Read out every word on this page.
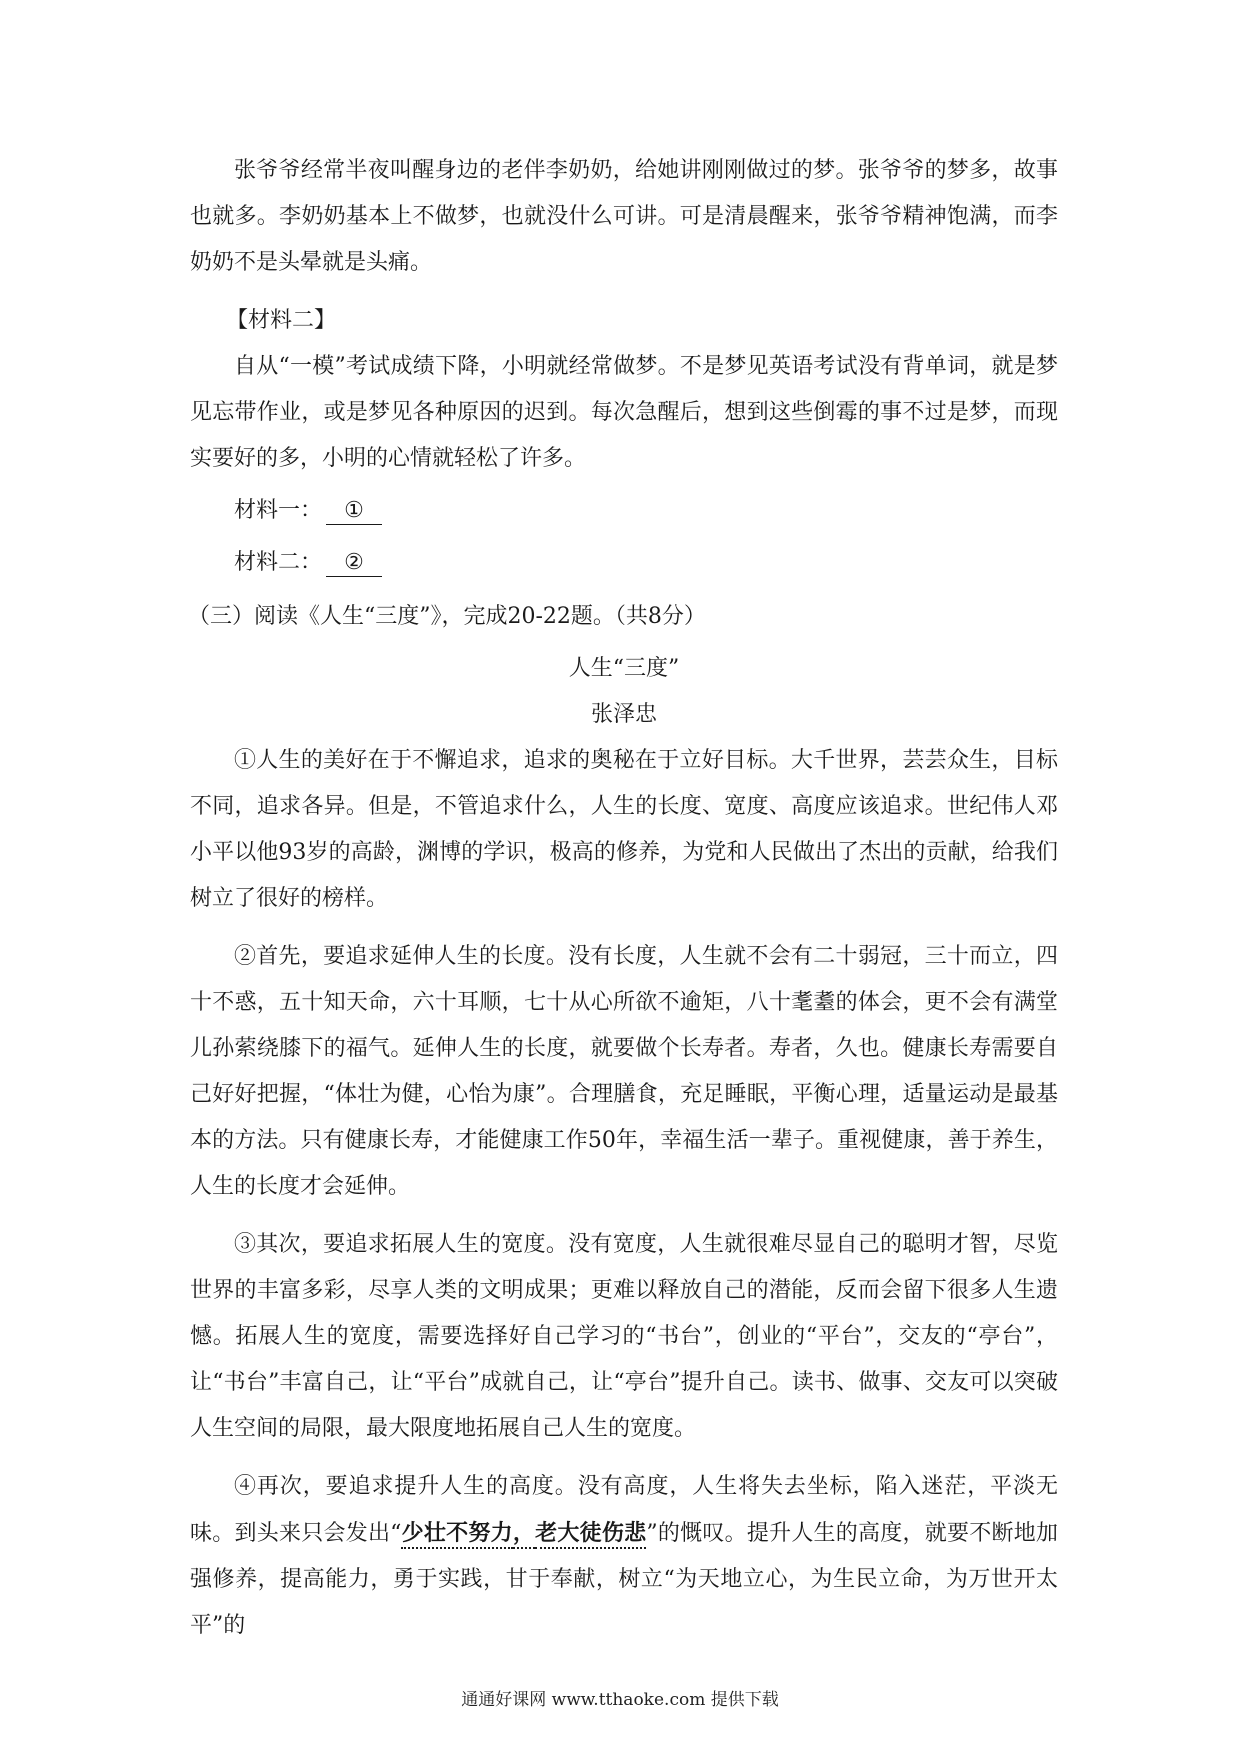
张爷爷经常半夜叫醒身边的老伴李奶奶，给她讲刚刚做过的梦。张爷爷的梦多，故事也就多。李奶奶基本上不做梦，也就没什么可讲。可是清晨醒来，张爷爷精神饱满，而李奶奶不是头晕就是头痛。

【材料二】

自从“一模”考试成绩下降，小明就经常做梦。不是梦见英语考试没有背单词，就是梦见忘带作业，或是梦见各种原因的迟到。每次急醒后，想到这些倒霉的事不过是梦，而现实要好的多，小明的心情就轻松了许多。

材料一： ①

材料二： ②

（三）阅读《人生“三度”》，完成20-22题。（共8分）

人生“三度”

张泽忠

①人生的美好在于不懈追求，追求的奥秘在于立好目标。大千世界，芸芸众生，目标不同，追求各异。但是，不管追求什么，人生的长度、宽度、高度应该追求。世纪伟人邓小平以他93岁的高龄，渊博的学识，极高的修养，为党和人民做出了杰出的贡献，给我们树立了很好的榜样。

②首先，要追求延伸人生的长度。没有长度，人生就不会有二十弱冠，三十而立，四十不惑，五十知天命，六十耳顺，七十从心所欲不逾矩，八十耄耋的体会，更不会有满堂儿孙萦绕膝下的福气。延伸人生的长度，就要做个长寿者。寿者，久也。健康长寿需要自己好好把握，“体壮为健，心怡为康”。合理膳食，充足睡眠，平衡心理，适量运动是最基本的方法。只有健康长寿，才能健康工作50年，幸福生活一辈子。重视健康，善于养生，人生的长度才会延伸。

③其次，要追求拓展人生的宽度。没有宽度，人生就很难尽显自己的聪明才智，尽览世界的丰富多彩，尽享人类的文明成果；更难以释放自己的潜能，反而会留下很多人生遗憾。拓展人生的宽度，需要选择好自己学习的“书台”，创业的“平台”，交友的“亭台”，让“书台”丰富自己，让“平台”成就自己，让“亭台”提升自己。读书、做事、交友可以突破人生空间的局限，最大限度地拓展自己人生的宽度。

④再次，要追求提升人生的高度。没有高度，人生将失去坐标，陷入迷茫，平淡无味。到头来只会发出“少壮不努力，老大徒伤悲”的慨叹。提升人生的高度，就要不断地加强修养，提高能力，勇于实践，甘于奉献，树立“为天地立心，为生民立命，为万世开太平”的

通通好课网 www.tthaoke.com 提供下载
